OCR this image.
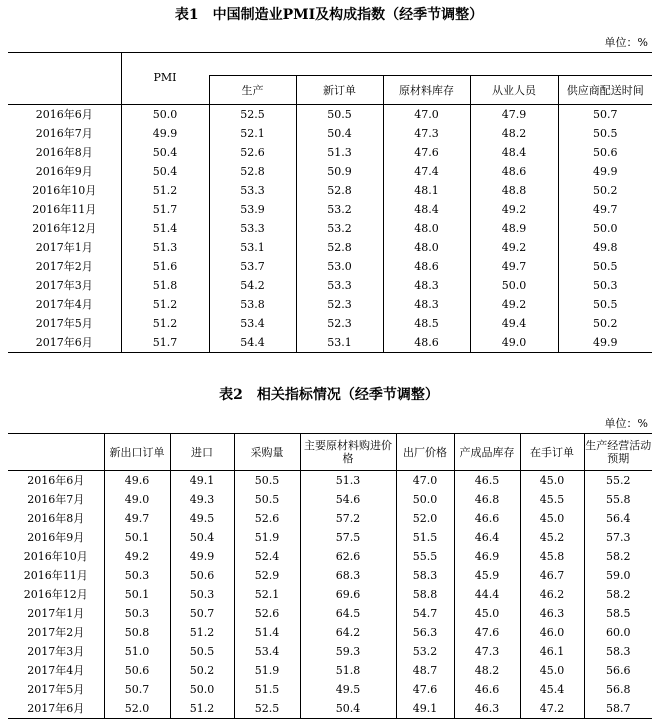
表1　中国制造业PMI及构成指数（经季节调整）
单位：%
	PMI					
		生产	新订单	原材料库存	从业人员	供应商配送时间
2016年6月	50.0	52.5	50.5	47.0	47.9	50.7
2016年7月	49.9	52.1	50.4	47.3	48.2	50.5
2016年8月	50.4	52.6	51.3	47.6	48.4	50.6
2016年9月	50.4	52.8	50.9	47.4	48.6	49.9
2016年10月	51.2	53.3	52.8	48.1	48.8	50.2
2016年11月	51.7	53.9	53.2	48.4	49.2	49.7
2016年12月	51.4	53.3	53.2	48.0	48.9	50.0
2017年1月	51.3	53.1	52.8	48.0	49.2	49.8
2017年2月	51.6	53.7	53.0	48.6	49.7	50.5
2017年3月	51.8	54.2	53.3	48.3	50.0	50.3
2017年4月	51.2	53.8	52.3	48.3	49.2	50.5
2017年5月	51.2	53.4	52.3	48.5	49.4	50.2
2017年6月	51.7	54.4	53.1	48.6	49.0	49.9
表2　相关指标情况（经季节调整）
单位：%
	新出口订单	进口	采购量	主要原材料购进价格	出厂价格	产成品库存	在手订单	生产经营活动预期
2016年6月	49.6	49.1	50.5	51.3	47.0	46.5	45.0	55.2
2016年7月	49.0	49.3	50.5	54.6	50.0	46.8	45.5	55.8
2016年8月	49.7	49.5	52.6	57.2	52.0	46.6	45.0	56.4
2016年9月	50.1	50.4	51.9	57.5	51.5	46.4	45.2	57.3
2016年10月	49.2	49.9	52.4	62.6	55.5	46.9	45.8	58.2
2016年11月	50.3	50.6	52.9	68.3	58.3	45.9	46.7	59.0
2016年12月	50.1	50.3	52.1	69.6	58.8	44.4	46.2	58.2
2017年1月	50.3	50.7	52.6	64.5	54.7	45.0	46.3	58.5
2017年2月	50.8	51.2	51.4	64.2	56.3	47.6	46.0	60.0
2017年3月	51.0	50.5	53.4	59.3	53.2	47.3	46.1	58.3
2017年4月	50.6	50.2	51.9	51.8	48.7	48.2	45.0	56.6
2017年5月	50.7	50.0	51.5	49.5	47.6	46.6	45.4	56.8
2017年6月	52.0	51.2	52.5	50.4	49.1	46.3	47.2	58.7
